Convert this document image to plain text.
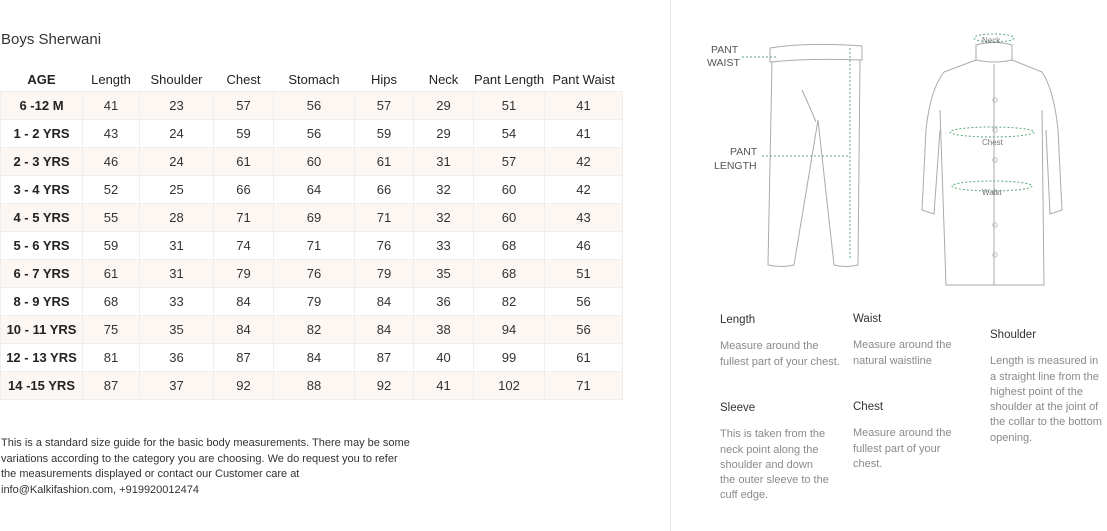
Boys Sherwani
AGE	Length	Shoulder	Chest	Stomach	Hips	Neck	Pant Length	Pant Waist
6 -12 M	41	23	57	56	57	29	51	41
1 - 2 YRS	43	24	59	56	59	29	54	41
2 - 3 YRS	46	24	61	60	61	31	57	42
3 - 4 YRS	52	25	66	64	66	32	60	42
4 - 5 YRS	55	28	71	69	71	32	60	43
5 - 6 YRS	59	31	74	71	76	33	68	46
6 - 7 YRS	61	31	79	76	79	35	68	51
8 - 9 YRS	68	33	84	79	84	36	82	56
10 - 11 YRS	75	35	84	82	84	38	94	56
12 - 13 YRS	81	36	87	84	87	40	99	61
14 -15 YRS	87	37	92	88	92	41	102	71
This is a standard size guide for the basic body measurements. There may be some variations according to the category you are choosing. We do request you to refer the measurements displayed or contact our Customer care at info@Kalkifashion.com, +919920012474
PANT
WAIST
PANT
LENGTH
Neck
Chest
Waist
Length
Measure around the fullest part of your chest.
Waist
Measure around the natural waistline
Shoulder
Length is measured in a straight line from the highest point of the shoulder at the joint of the collar to the bottom opening.
Sleeve
This is taken from the neck point along the shoulder and down the outer sleeve to the cuff edge.
Chest
Measure around the fullest part of your chest.
